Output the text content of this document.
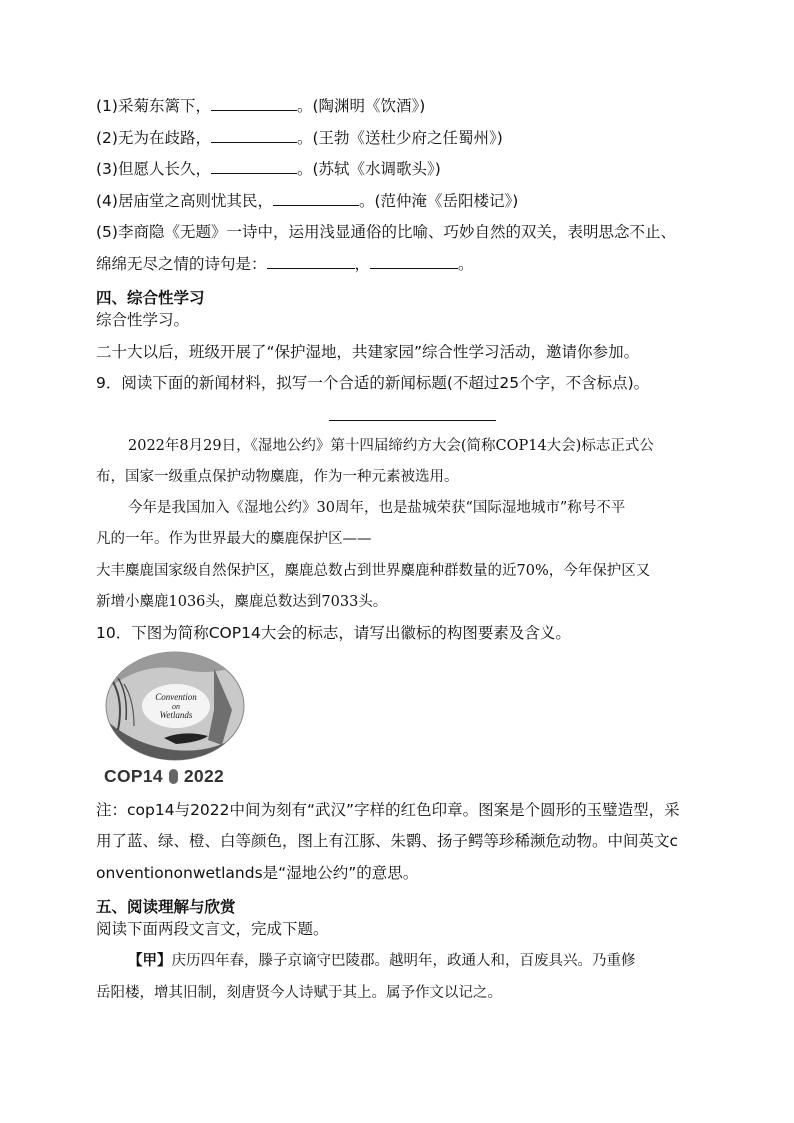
(1)采菊东篱下，	。(陶渊明《饮酒》)
(2)无为在歧路，	。(王勃《送杜少府之任蜀州》)
(3)但愿人长久，	。(苏轼《水调歌头》)
(4)居庙堂之高则忧其民，	。(范仲淹《岳阳楼记》)
(5)李商隐《无题》一诗中，运用浅显通俗的比喻、巧妙自然的双关，表明思念不止、
绵绵无尽之情的诗句是：	，	。
四、综合性学习
综合性学习。
二十大以后，班级开展了“保护湿地，共建家园”综合性学习活动，邀请你参加。
9．阅读下面的新闻材料，拟写一个合适的新闻标题(不超过25个字，不含标点)。
2022年8月29日，《湿地公约》第十四届缔约方大会(简称COP14大会)标志正式公
布，国家一级重点保护动物麋鹿，作为一种元素被选用。
今年是我国加入《湿地公约》30周年，也是盐城荣获“国际湿地城市”称号不平
凡的一年。作为世界最大的麋鹿保护区——
大丰麋鹿国家级自然保护区，麋鹿总数占到世界麋鹿种群数量的近70%，今年保护区又
新增小麋鹿1036头，麋鹿总数达到7033头。
10．下图为简称COP14大会的标志，请写出徽标的构图要素及含义。
Convention
on
Wetlands
COP14 2022
注：cop14与2022中间为刻有“武汉”字样的红色印章。图案是个圆形的玉璧造型，采
用了蓝、绿、橙、白等颜色，图上有江豚、朱鹮、扬子鳄等珍稀濒危动物。中间英文c
onventiononwetlands是“湿地公约”的意思。
五、阅读理解与欣赏
阅读下面两段文言文，完成下题。
【甲】庆历四年春，滕子京谪守巴陵郡。越明年，政通人和，百废具兴。乃重修
岳阳楼，增其旧制，刻唐贤今人诗赋于其上。属予作文以记之。
